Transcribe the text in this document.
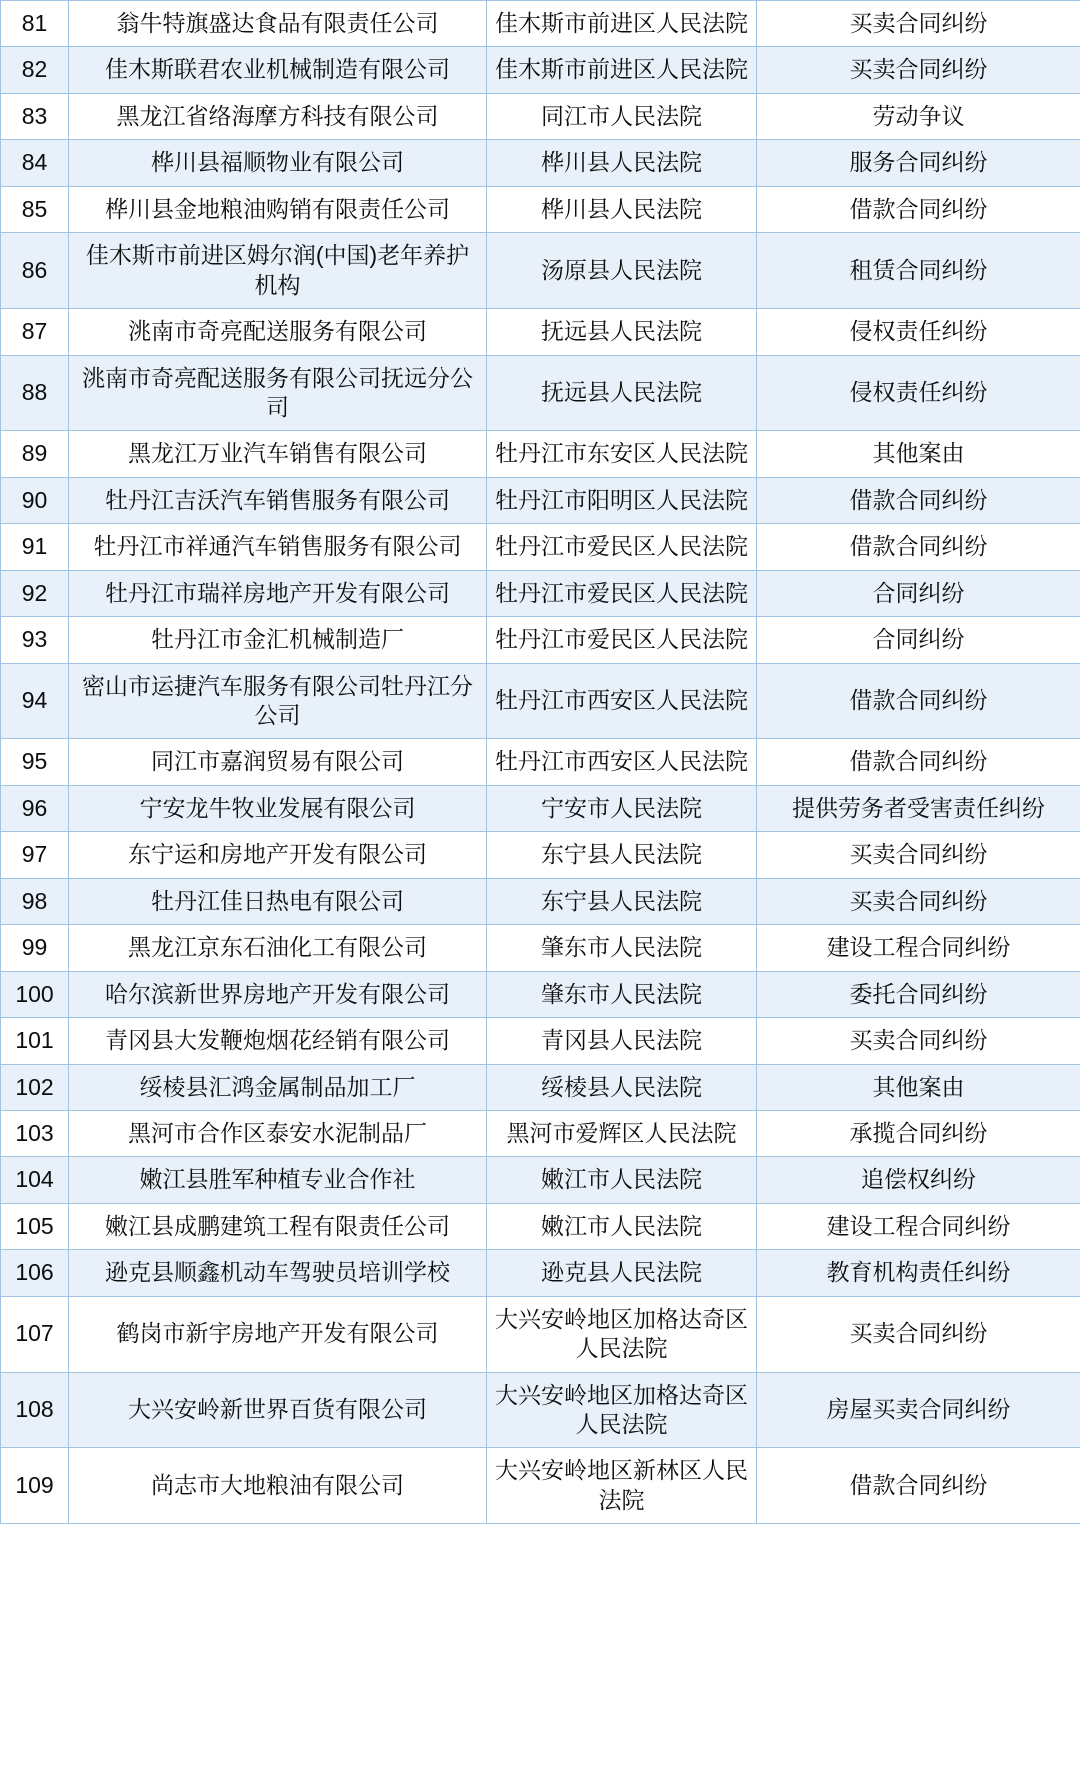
81	翁牛特旗盛达食品有限责任公司	佳木斯市前进区人民法院	买卖合同纠纷
82	佳木斯联君农业机械制造有限公司	佳木斯市前进区人民法院	买卖合同纠纷
83	黑龙江省络海摩方科技有限公司	同江市人民法院	劳动争议
84	桦川县福顺物业有限公司	桦川县人民法院	服务合同纠纷
85	桦川县金地粮油购销有限责任公司	桦川县人民法院	借款合同纠纷
86	佳木斯市前进区姆尔润(中国)老年养护机构	汤原县人民法院	租赁合同纠纷
87	洮南市奇亮配送服务有限公司	抚远县人民法院	侵权责任纠纷
88	洮南市奇亮配送服务有限公司抚远分公司	抚远县人民法院	侵权责任纠纷
89	黑龙江万业汽车销售有限公司	牡丹江市东安区人民法院	其他案由
90	牡丹江吉沃汽车销售服务有限公司	牡丹江市阳明区人民法院	借款合同纠纷
91	牡丹江市祥通汽车销售服务有限公司	牡丹江市爱民区人民法院	借款合同纠纷
92	牡丹江市瑞祥房地产开发有限公司	牡丹江市爱民区人民法院	合同纠纷
93	牡丹江市金汇机械制造厂	牡丹江市爱民区人民法院	合同纠纷
94	密山市运捷汽车服务有限公司牡丹江分公司	牡丹江市西安区人民法院	借款合同纠纷
95	同江市嘉润贸易有限公司	牡丹江市西安区人民法院	借款合同纠纷
96	宁安龙牛牧业发展有限公司	宁安市人民法院	提供劳务者受害责任纠纷
97	东宁运和房地产开发有限公司	东宁县人民法院	买卖合同纠纷
98	牡丹江佳日热电有限公司	东宁县人民法院	买卖合同纠纷
99	黑龙江京东石油化工有限公司	肇东市人民法院	建设工程合同纠纷
100	哈尔滨新世界房地产开发有限公司	肇东市人民法院	委托合同纠纷
101	青冈县大发鞭炮烟花经销有限公司	青冈县人民法院	买卖合同纠纷
102	绥棱县汇鸿金属制品加工厂	绥棱县人民法院	其他案由
103	黑河市合作区泰安水泥制品厂	黑河市爱辉区人民法院	承揽合同纠纷
104	嫩江县胜军种植专业合作社	嫩江市人民法院	追偿权纠纷
105	嫩江县成鹏建筑工程有限责任公司	嫩江市人民法院	建设工程合同纠纷
106	逊克县顺鑫机动车驾驶员培训学校	逊克县人民法院	教育机构责任纠纷
107	鹤岗市新宇房地产开发有限公司	大兴安岭地区加格达奇区人民法院	买卖合同纠纷
108	大兴安岭新世界百货有限公司	大兴安岭地区加格达奇区人民法院	房屋买卖合同纠纷
109	尚志市大地粮油有限公司	大兴安岭地区新林区人民法院	借款合同纠纷
